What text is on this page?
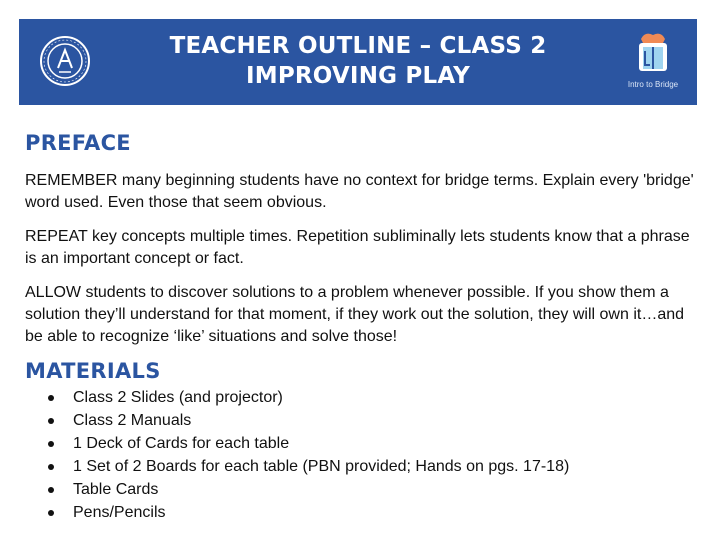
TEACHER OUTLINE – CLASS 2
IMPROVING PLAY	Intro to Bridge
PREFACE

REMEMBER many beginning students have no context for bridge terms. Explain every 'bridge' word used. Even those that seem obvious.

REPEAT key concepts multiple times. Repetition subliminally lets students know that a phrase is an important concept or fact.

ALLOW students to discover solutions to a problem whenever possible. If you show them a solution they’ll understand for that moment, if they work out the solution, they will own it…and be able to recognize ‘like’ situations and solve those!

MATERIALS
Class 2 Slides (and projector)
Class 2 Manuals
1 Deck of Cards for each table
1 Set of 2 Boards for each table (PBN provided; Hands on pgs. 17-18)
Table Cards
Pens/Pencils
